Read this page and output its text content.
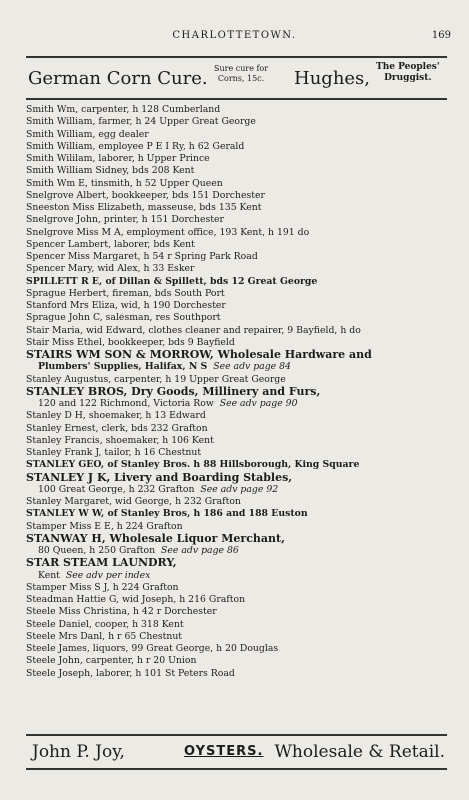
CHARLOTTETOWN.	169
German Corn Cure. Sure cure for
Corns, 15c. Hughes,
The Peoples'
Druggist.
Smith Wm, carpenter, h 128 Cumberland
Smith William, farmer, h 24 Upper Great George
Smith William, egg dealer
Smith William, employee P E I Ry, h 62 Gerald
Smith Wililam, laborer, h Upper Prince
Smith William Sidney, bds 208 Kent
Smith Wm E, tinsmith, h 52 Upper Queen
Snelgrove Albert, bookkeeper, bds 151 Dorchester
Sneeston Miss Elizabeth, masseuse, bds 135 Kent
Snelgrove John, printer, h 151 Dorchester
Snelgrove Miss M A, employment office, 193 Kent, h 191 do
Spencer Lambert, laborer, bds Kent
Spencer Miss Margaret, h 54 r Spring Park Road
Spencer Mary, wid Alex, h 33 Esker
SPILLETT R E, of Dillan & Spillett, bds 12 Great George
Sprague Herbert, fireman, bds South Port
Stanford Mrs Eliza, wid, h 190 Dorchester
Sprague John C, salesman, res Southport
Stair Maria, wid Edward, clothes cleaner and repairer, 9 Bayfield, h do
Stair Miss Ethel, bookkeeper, bds 9 Bayfield
STAIRS WM SON & MORROW, Wholesale Hardware and
Plumbers' Supplies, Halifax, N S See adv page 84
Stanley Augustus, carpenter, h 19 Upper Great George
STANLEY BROS, Dry Goods, Millinery and Furs,
120 and 122 Richmond, Victoria Row See adv page 90
Stanley D H, shoemaker, h 13 Edward
Stanley Ernest, clerk, bds 232 Grafton
Stanley Francis, shoemaker, h 106 Kent
Stanley Frank J, tailor, h 16 Chestnut
STANLEY GEO, of Stanley Bros. h 88 Hillsborough, King Square
STANLEY J K, Livery and Boarding Stables,
100 Great George, h 232 Grafton See adv page 92
Stanley Margaret, wid George, h 232 Grafton
STANLEY W W, of Stanley Bros, h 186 and 188 Euston
Stamper Miss E E, h 224 Grafton
STANWAY H, Wholesale Liquor Merchant,
80 Queen, h 250 Grafton See adv page 86
STAR STEAM LAUNDRY,
Kent See adv per index
Stamper Miss S J, h 224 Grafton
Steadman Hattie G, wid Joseph, h 216 Grafton
Steele Miss Christina, h 42 r Dorchester
Steele Daniel, cooper, h 318 Kent
Steele Mrs Danl, h r 65 Chestnut
Steele James, liquors, 99 Great George, h 20 Douglas
Steele John, carpenter, h r 20 Union
Steele Joseph, laborer, h 101 St Peters Road
John P. Joy,	OYSTERS. Wholesale & Retail.
